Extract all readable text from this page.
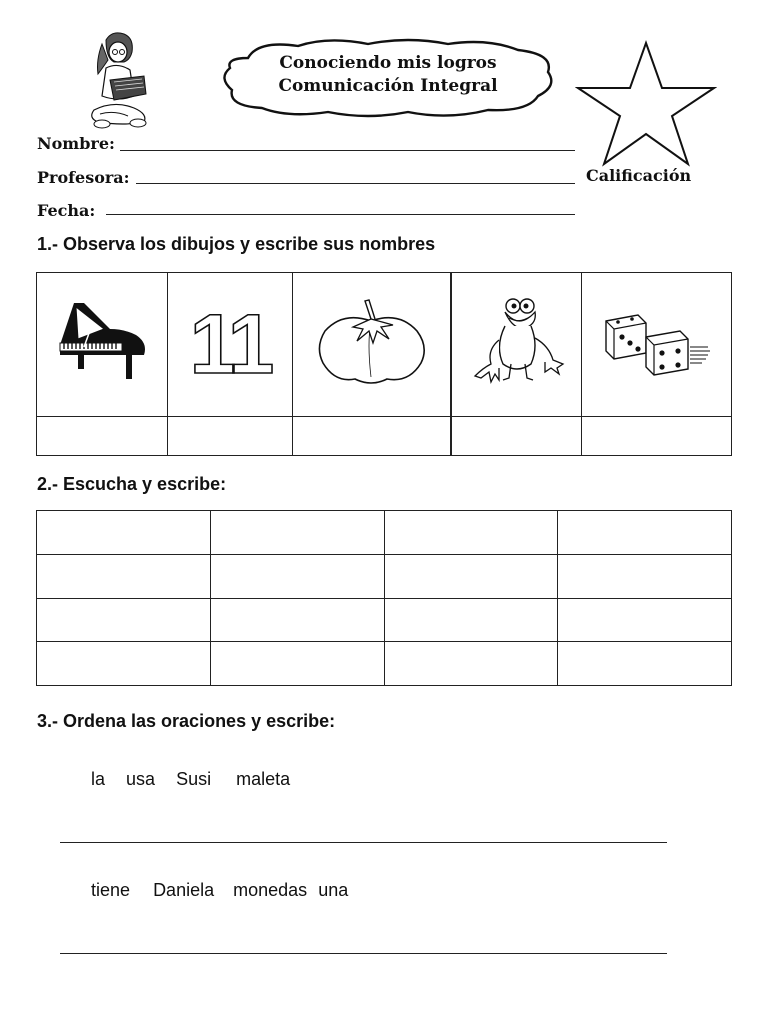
Conociendo mis logros
Comunicación Integral
Calificación
Nombre:
Profesora:
Fecha:
1.- Observa los dibujos y escribe sus nombres

11

2.- Escucha y escribe:

3.- Ordena las oraciones y escribe:
la usa Susi maleta
tiene Daniela monedas una
